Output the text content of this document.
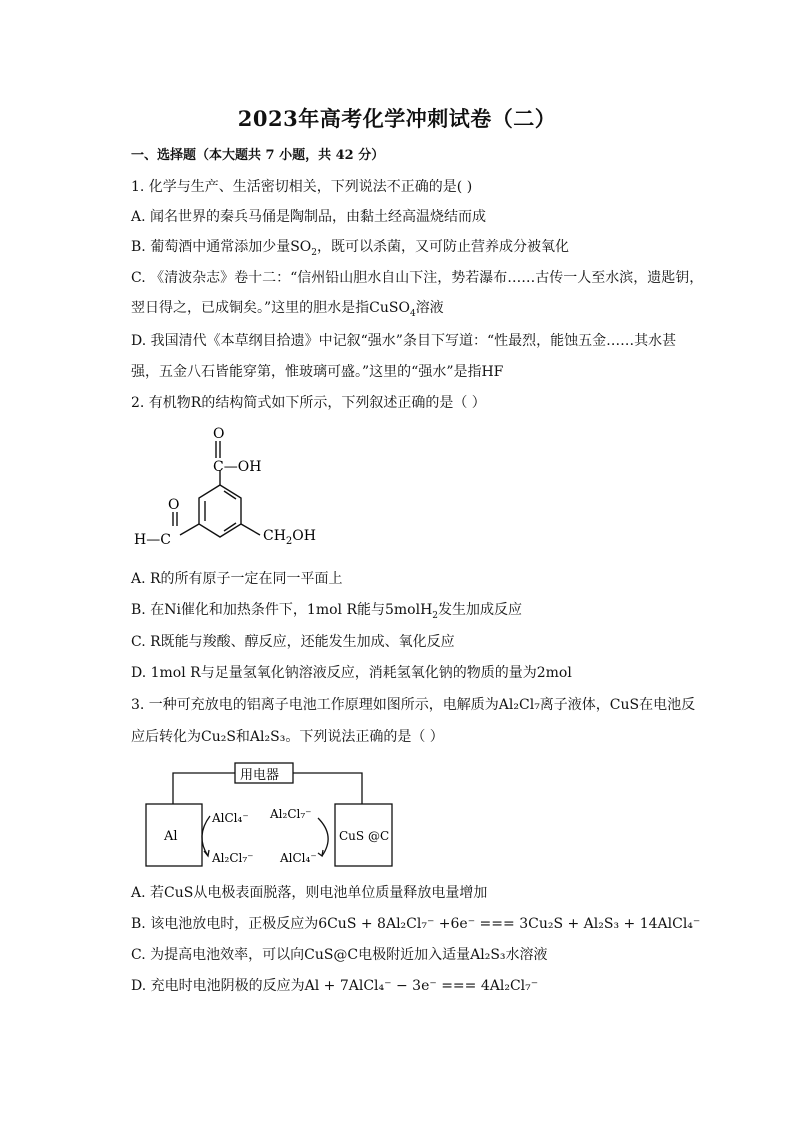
2023年高考化学冲刺试卷（二）
一、选择题（本大题共 7 小题，共 42 分）
1. 化学与生产、生活密切相关，下列说法不正确的是( )
A. 闻名世界的秦兵马俑是陶制品，由黏土经高温烧结而成
B. 葡萄酒中通常添加少量$SO_2$，既可以杀菌，又可防止营养成分被氧化
C. 《清波杂志》卷十二：“信州铅山胆水自山下注，势若瀑布……古传一人至水滨，遗匙钥，
翌日得之，已成铜矣。”这里的胆水是指CuSO$_4$溶液
D. 我国清代《本草纲目拾遗》中记叙“强水”条目下写道：“性最烈，能蚀五金……其水甚
强，五金八石皆能穿第，惟玻璃可盛。”这里的“强水”是指HF
2. 有机物R的结构简式如下所示，下列叙述正确的是（ ）
O
C—OH
O
H—C	$CH_2OH$
A. R的所有原子一定在同一平面上
B. 在Ni催化和加热条件下，1mol R能与5molH$_2$发生加成反应
C. R既能与羧酸、醇反应，还能发生加成、氧化反应
D. 1mol R与足量氢氧化钠溶液反应，消耗氢氧化钠的物质的量为2mol
3. 一种可充放电的铝离子电池工作原理如图所示，电解质为Al₂Cl₇离子液体，CuS在电池反
应后转化为Cu₂S和Al₂S₃。下列说法正确的是（ ）
用电器
Al	CuS @C
AlCl₄⁻
Al₂Cl₇⁻
Al₂Cl₇⁻
AlCl₄⁻
A. 若CuS从电极表面脱落，则电池单位质量释放电量增加
B. 该电池放电时，正极反应为6CuS + 8Al₂Cl₇⁻ +6e⁻ === 3Cu₂S + Al₂S₃ + 14AlCl₄⁻
C. 为提高电池效率，可以向CuS@C电极附近加入适量Al₂S₃水溶液
D. 充电时电池阴极的反应为Al + 7AlCl₄⁻ − 3e⁻ === 4Al₂Cl₇⁻
